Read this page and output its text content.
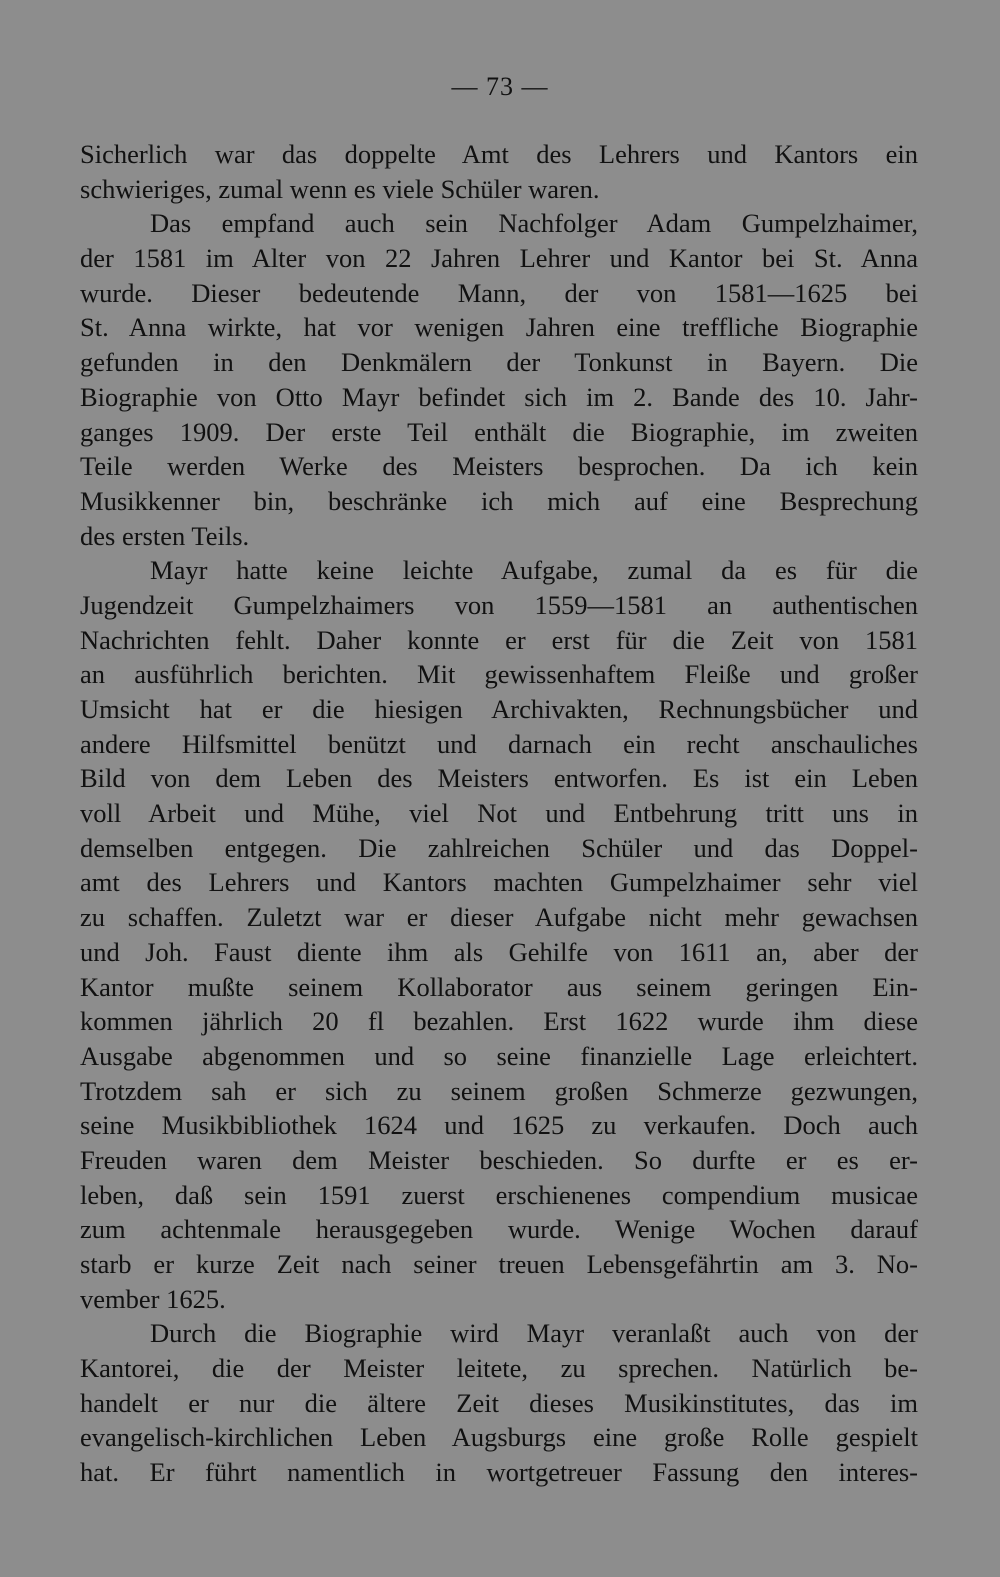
— 73 —
Sicherlich war das doppelte Amt des Lehrers und Kantors ein
schwieriges, zumal wenn es viele Schüler waren.
Das empfand auch sein Nachfolger Adam Gumpelzhaimer,
der 1581 im Alter von 22 Jahren Lehrer und Kantor bei St. Anna
wurde. Dieser bedeutende Mann, der von 1581—1625 bei
St. Anna wirkte, hat vor wenigen Jahren eine treffliche Biographie
gefunden in den Denkmälern der Tonkunst in Bayern. Die
Biographie von Otto Mayr befindet sich im 2. Bande des 10. Jahr-
ganges 1909. Der erste Teil enthält die Biographie, im zweiten
Teile werden Werke des Meisters besprochen. Da ich kein
Musikkenner bin, beschränke ich mich auf eine Besprechung
des ersten Teils.
Mayr hatte keine leichte Aufgabe, zumal da es für die
Jugendzeit Gumpelzhaimers von 1559—1581 an authentischen
Nachrichten fehlt. Daher konnte er erst für die Zeit von 1581
an ausführlich berichten. Mit gewissenhaftem Fleiße und großer
Umsicht hat er die hiesigen Archivakten, Rechnungsbücher und
andere Hilfsmittel benützt und darnach ein recht anschauliches
Bild von dem Leben des Meisters entworfen. Es ist ein Leben
voll Arbeit und Mühe, viel Not und Entbehrung tritt uns in
demselben entgegen. Die zahlreichen Schüler und das Doppel-
amt des Lehrers und Kantors machten Gumpelzhaimer sehr viel
zu schaffen. Zuletzt war er dieser Aufgabe nicht mehr gewachsen
und Joh. Faust diente ihm als Gehilfe von 1611 an, aber der
Kantor mußte seinem Kollaborator aus seinem geringen Ein-
kommen jährlich 20 fl bezahlen. Erst 1622 wurde ihm diese
Ausgabe abgenommen und so seine finanzielle Lage erleichtert.
Trotzdem sah er sich zu seinem großen Schmerze gezwungen,
seine Musikbibliothek 1624 und 1625 zu verkaufen. Doch auch
Freuden waren dem Meister beschieden. So durfte er es er-
leben, daß sein 1591 zuerst erschienenes compendium musicae
zum achtenmale herausgegeben wurde. Wenige Wochen darauf
starb er kurze Zeit nach seiner treuen Lebensgefährtin am 3. No-
vember 1625.
Durch die Biographie wird Mayr veranlaßt auch von der
Kantorei, die der Meister leitete, zu sprechen. Natürlich be-
handelt er nur die ältere Zeit dieses Musikinstitutes, das im
evangelisch-kirchlichen Leben Augsburgs eine große Rolle gespielt
hat. Er führt namentlich in wortgetreuer Fassung den interes-
